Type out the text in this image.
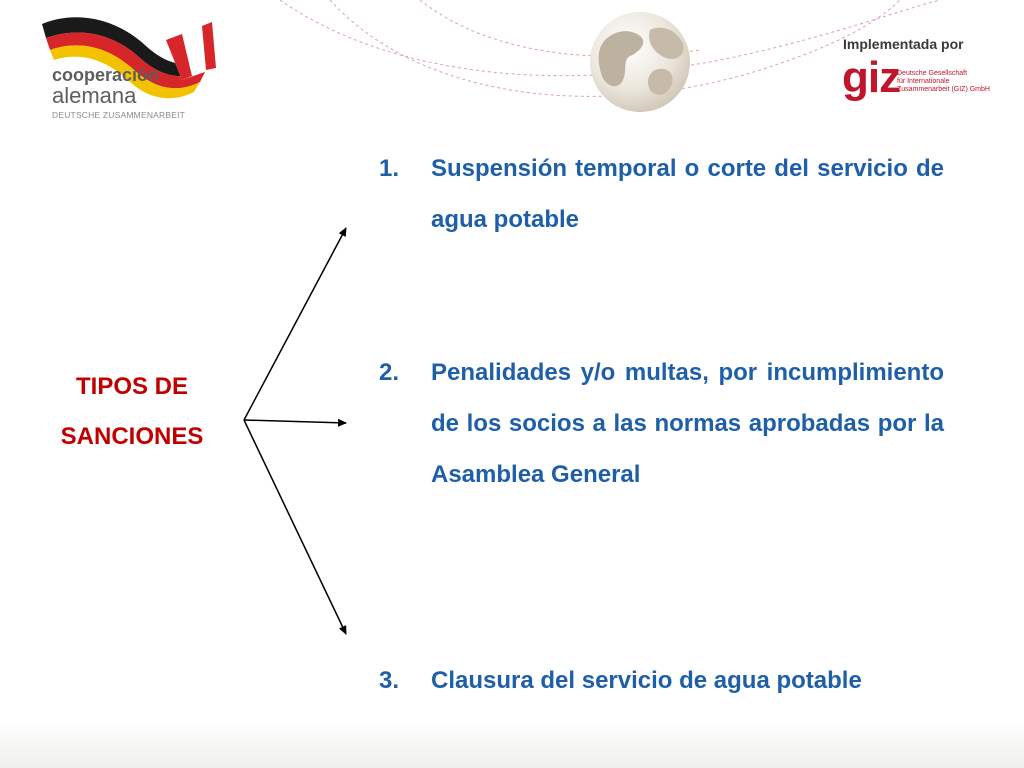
cooperación
alemana
DEUTSCHE ZUSAMMENARBEIT
Implementada por
giz
Deutsche Gesellschaft
für Internationale
Zusammenarbeit (GIZ) GmbH
TIPOS DE
SANCIONES
1. Suspensión temporal o corte del servicio de agua potable
2. Penalidades y/o multas, por incumplimiento de los socios a las normas aprobadas por la Asamblea General
3. Clausura del servicio de agua potable
